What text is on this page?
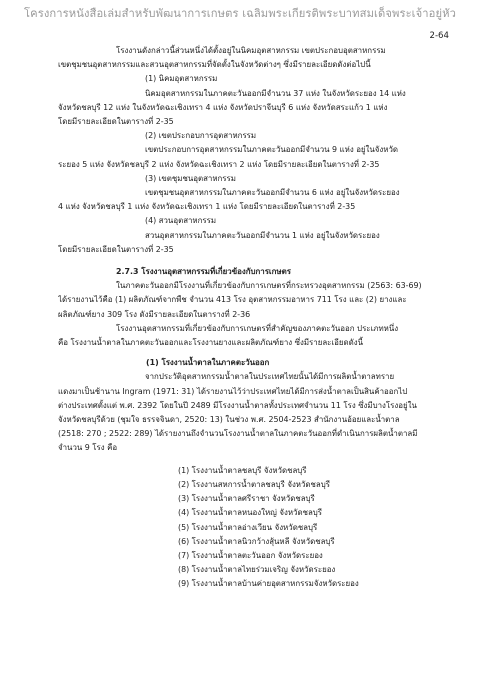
โครงการหนังสือเล่มสำหรับพัฒนาการเกษตร เฉลิมพระเกียรติพระบาทสมเด็จพระเจ้าอยู่หัว
2-64
โรงงานดังกล่าวนี้ส่วนหนึ่งได้ตั้งอยู่ในนิคมอุตสาหกรรม เขตประกอบอุตสาหกรรม
เขตชุมชนอุตสาหกรรมและสวนอุตสาหกรรมที่จัดตั้งในจังหวัดต่างๆ ซึ่งมีรายละเอียดดังต่อไปนี้
(1) นิคมอุตสาหกรรม
นิคมอุตสาหกรรมในภาคตะวันออกมีจำนวน 37 แห่ง ในจังหวัดระยอง 14 แห่ง
จังหวัดชลบุรี 12 แห่ง ในจังหวัดฉะเชิงเทรา 4 แห่ง จังหวัดปราจีนบุรี 6 แห่ง จังหวัดสระแก้ว 1 แห่ง
โดยมีรายละเอียดในตารางที่ 2-35
(2) เขตประกอบการอุตสาหกรรม
เขตประกอบการอุตสาหกรรมในภาคตะวันออกมีจำนวน 9 แห่ง อยู่ในจังหวัด
ระยอง 5 แห่ง จังหวัดชลบุรี 2 แห่ง จังหวัดฉะเชิงเทรา 2 แห่ง โดยมีรายละเอียดในตารางที่ 2-35
(3) เขตชุมชนอุตสาหกรรม
เขตชุมชนอุตสาหกรรมในภาคตะวันออกมีจำนวน 6 แห่ง อยู่ในจังหวัดระยอง
4 แห่ง จังหวัดชลบุรี 1 แห่ง จังหวัดฉะเชิงเทรา 1 แห่ง โดยมีรายละเอียดในตารางที่ 2-35
(4) สวนอุตสาหกรรม
สวนอุตสาหกรรมในภาคตะวันออกมีจำนวน 1 แห่ง อยู่ในจังหวัดระยอง
โดยมีรายละเอียดในตารางที่ 2-35
2.7.3 โรงงานอุตสาหกรรมที่เกี่ยวข้องกับการเกษตร
ในภาคตะวันออกมีโรงงานที่เกี่ยวข้องกับการเกษตรที่กระทรวงอุตสาหกรรม (2563: 63-69)
ได้รายงานไว้คือ (1) ผลิตภัณฑ์จากพืช จำนวน 413 โรง อุตสาหกรรมอาหาร 711 โรง และ (2) ยางและ
ผลิตภัณฑ์ยาง 309 โรง ดังมีรายละเอียดในตารางที่ 2-36
โรงงานอุตสาหกรรมที่เกี่ยวข้องกับการเกษตรที่สำคัญของภาคตะวันออก ประเภทหนึ่ง
คือ โรงงานน้ำตาลในภาคตะวันออกและโรงงานยางและผลิตภัณฑ์ยาง ซึ่งมีรายละเอียดดังนี้
(1) โรงงานน้ำตาลในภาคตะวันออก
จากประวัติอุตสาหกรรมน้ำตาลในประเทศไทยนั้นได้มีการผลิตน้ำตาลทราย
แดงมาเป็นช้านาน Ingram (1971: 31) ได้รายงานไว้ว่าประเทศไทยได้มีการส่งน้ำตาลเป็นสินค้าออกไป
ต่างประเทศตั้งแต่ พ.ศ. 2392 โดยในปี 2489 มีโรงงานน้ำตาลทั้งประเทศจำนวน 11 โรง ซึ่งมีบางโรงอยู่ใน
จังหวัดชลบุรีด้วย (ชุมใจ ธรรจจินดา, 2520: 13) ในช่วง พ.ศ. 2504-2523 สำนักงานอ้อยและน้ำตาล
(2518: 270 ; 2522: 289) ได้รายงานถึงจำนวนโรงงานน้ำตาลในภาคตะวันออกที่ดำเนินการผลิตน้ำตาลมี
จำนวน 9 โรง คือ
(1) โรงงานน้ำตาลชลบุรี จังหวัดชลบุรี
(2) โรงงานสหการน้ำตาลชลบุรี จังหวัดชลบุรี
(3) โรงงานน้ำตาลศรีราชา จังหวัดชลบุรี
(4) โรงงานน้ำตาลหนองใหญ่ จังหวัดชลบุรี
(5) โรงงานน้ำตาลอ่างเวียน จังหวัดชลบุรี
(6) โรงงานน้ำตาลนิวกว้างสุ้นหลี จังหวัดชลบุรี
(7) โรงงานน้ำตาลตะวันออก จังหวัดระยอง
(8) โรงงานน้ำตาลไทยร่วมเจริญ จังหวัดระยอง
(9) โรงงานน้ำตาลบ้านค่ายอุตสาหกรรมจังหวัดระยอง
